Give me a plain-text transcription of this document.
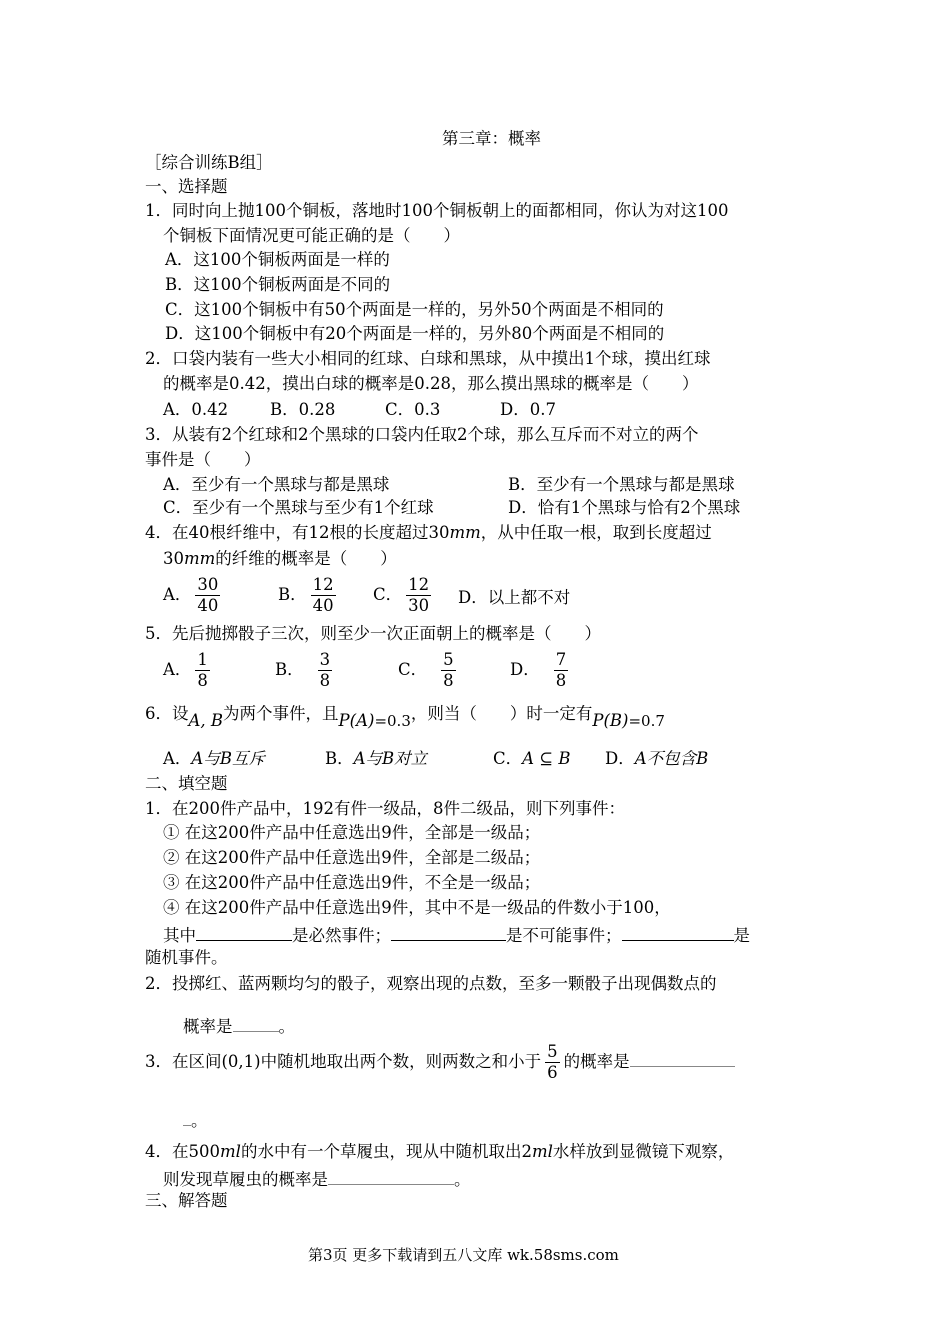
第三章：概率
［综合训练B组］
一、选择题
1．同时向上抛100个铜板，落地时100个铜板朝上的面都相同，你认为对这100
个铜板下面情况更可能正确的是（　　）
A．这100个铜板两面是一样的
B．这100个铜板两面是不同的
C．这100个铜板中有50个两面是一样的，另外50个两面是不相同的
D．这100个铜板中有20个两面是一样的，另外80个两面是不相同的
2．口袋内装有一些大小相同的红球、白球和黑球，从中摸出1个球，摸出红球
的概率是0.42，摸出白球的概率是0.28，那么摸出黑球的概率是（　　）
A．0.42	B．0.28	C．0.3	D．0.7
3．从装有2个红球和2个黑球的口袋内任取2个球，那么互斥而不对立的两个
事件是（　　）
A．至少有一个黑球与都是黑球	B．至少有一个黑球与都是黑球
C．至少有一个黑球与至少有1个红球	D．恰有1个黑球与恰有2个黑球
4．在40根纤维中，有12根的长度超过30mm，从中任取一根，取到长度超过
30mm的纤维的概率是（　　）
A． $\frac{30}{40}$	B． $\frac{12}{40}$ C． $\frac{12}{30}$ D．以上都不对
5．先后抛掷骰子三次，则至少一次正面朝上的概率是（　　）
A． $\frac{1}{8}$	B． $\frac{3}{8}$	C． $\frac{5}{8}$	D． $\frac{7}{8}$
6．设A, B为两个事件，且P(A)=0.3，则当（　　）时一定有P(B)=0.7
A．A与B互斥	B．A与B对立	C．A ⊆ B D．A不包含B
二、填空题
1．在200件产品中，192有件一级品，8件二级品，则下列事件：
① 在这200件产品中任意选出9件，全部是一级品；
② 在这200件产品中任意选出9件，全部是二级品；
③ 在这200件产品中任意选出9件，不全是一级品；
④ 在这200件产品中任意选出9件，其中不是一级品的件数小于100，
其中	是必然事件；	是不可能事件；	是
随机事件。
2．投掷红、蓝两颗均匀的骰子，观察出现的点数，至多一颗骰子出现偶数点的
概率是	。
3．在区间(0,1)中随机地取出两个数，则两数之和小于 $\frac{5}{6}$ 的概率是
。
4．在500ml的水中有一个草履虫，现从中随机取出2ml水样放到显微镜下观察，
则发现草履虫的概率是	。
三、解答题
第3页 更多下载请到五八文库 wk.58sms.com
